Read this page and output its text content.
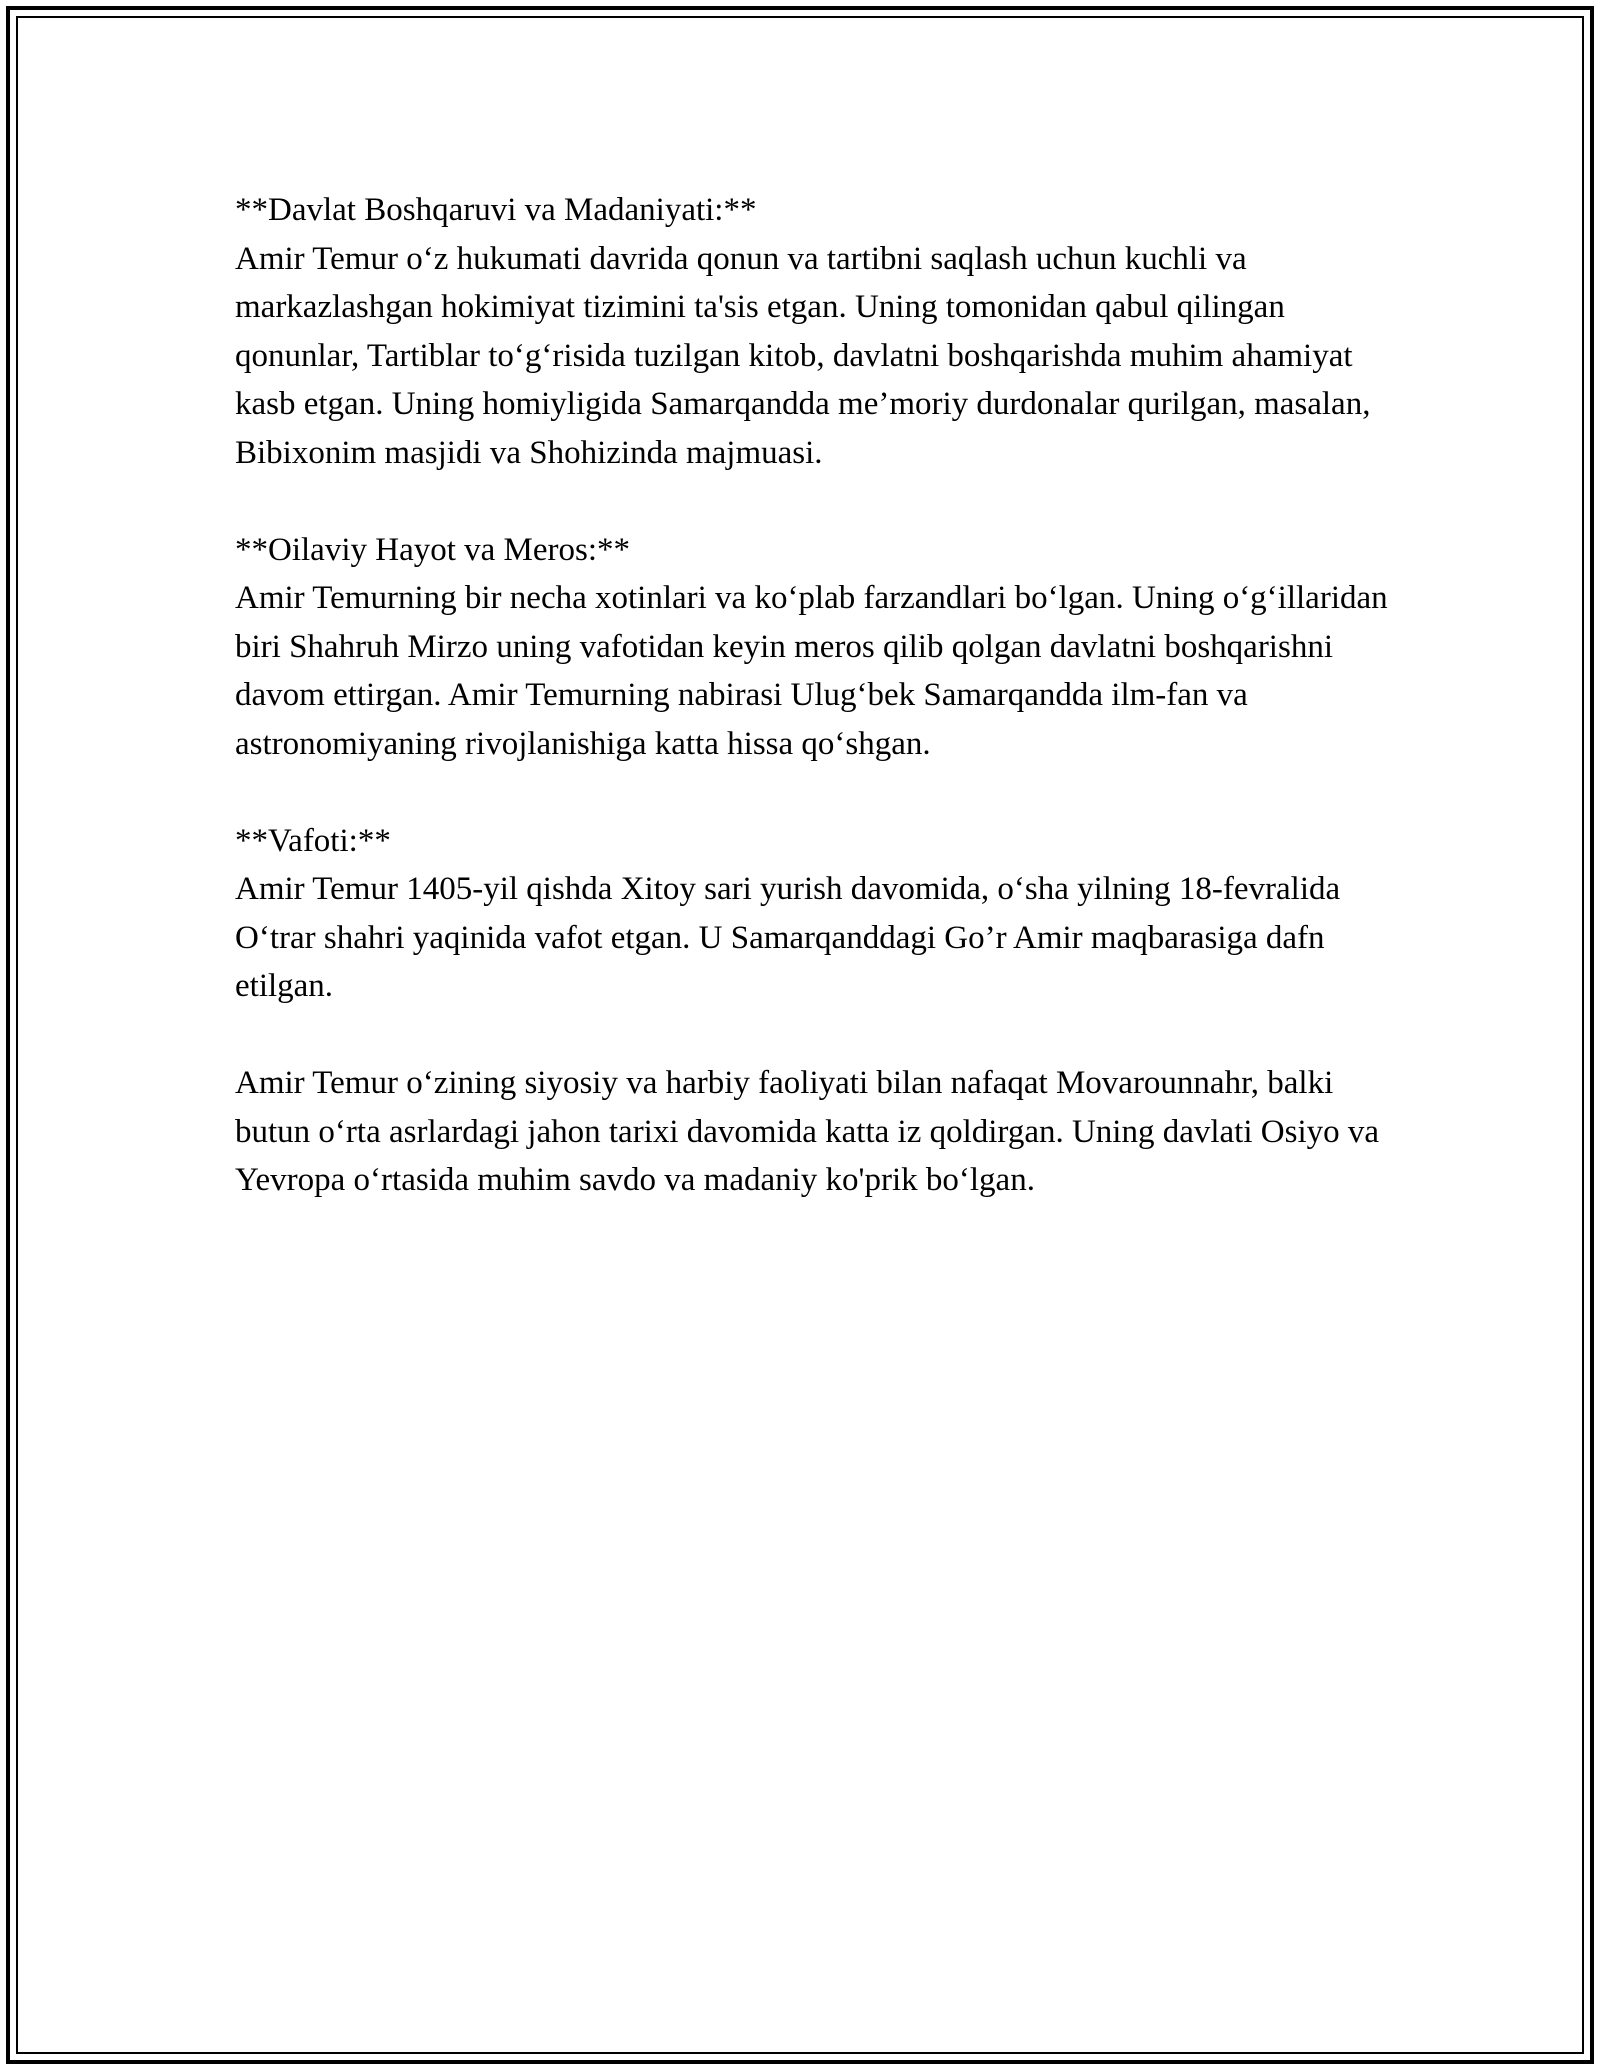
**Davlat Boshqaruvi va Madaniyati:**

Amir Temur o‘z hukumati davrida qonun va tartibni saqlash uchun kuchli va markazlashgan hokimiyat tizimini ta'sis etgan. Uning tomonidan qabul qilingan qonunlar, Tartiblar to‘g‘risida tuzilgan kitob, davlatni boshqarishda muhim ahamiyat kasb etgan. Uning homiyligida Samarqandda me’moriy durdonalar qurilgan, masalan, Bibixonim masjidi va Shohizinda majmuasi.

**Oilaviy Hayot va Meros:**

Amir Temurning bir necha xotinlari va ko‘plab farzandlari bo‘lgan. Uning o‘g‘illaridan biri Shahruh Mirzo uning vafotidan keyin meros qilib qolgan davlatni boshqarishni davom ettirgan. Amir Temurning nabirasi Ulug‘bek Samarqandda ilm-fan va astronomiyaning rivojlanishiga katta hissa qo‘shgan.

**Vafoti:**

Amir Temur 1405-yil qishda Xitoy sari yurish davomida, o‘sha yilning 18-fevralida O‘trar shahri yaqinida vafot etgan. U Samarqanddagi Go’r Amir maqbarasiga dafn etilgan.

Amir Temur o‘zining siyosiy va harbiy faoliyati bilan nafaqat Movarounnahr, balki butun o‘rta asrlardagi jahon tarixi davomida katta iz qoldirgan. Uning davlati Osiyo va Yevropa o‘rtasida muhim savdo va madaniy ko'prik bo‘lgan.
